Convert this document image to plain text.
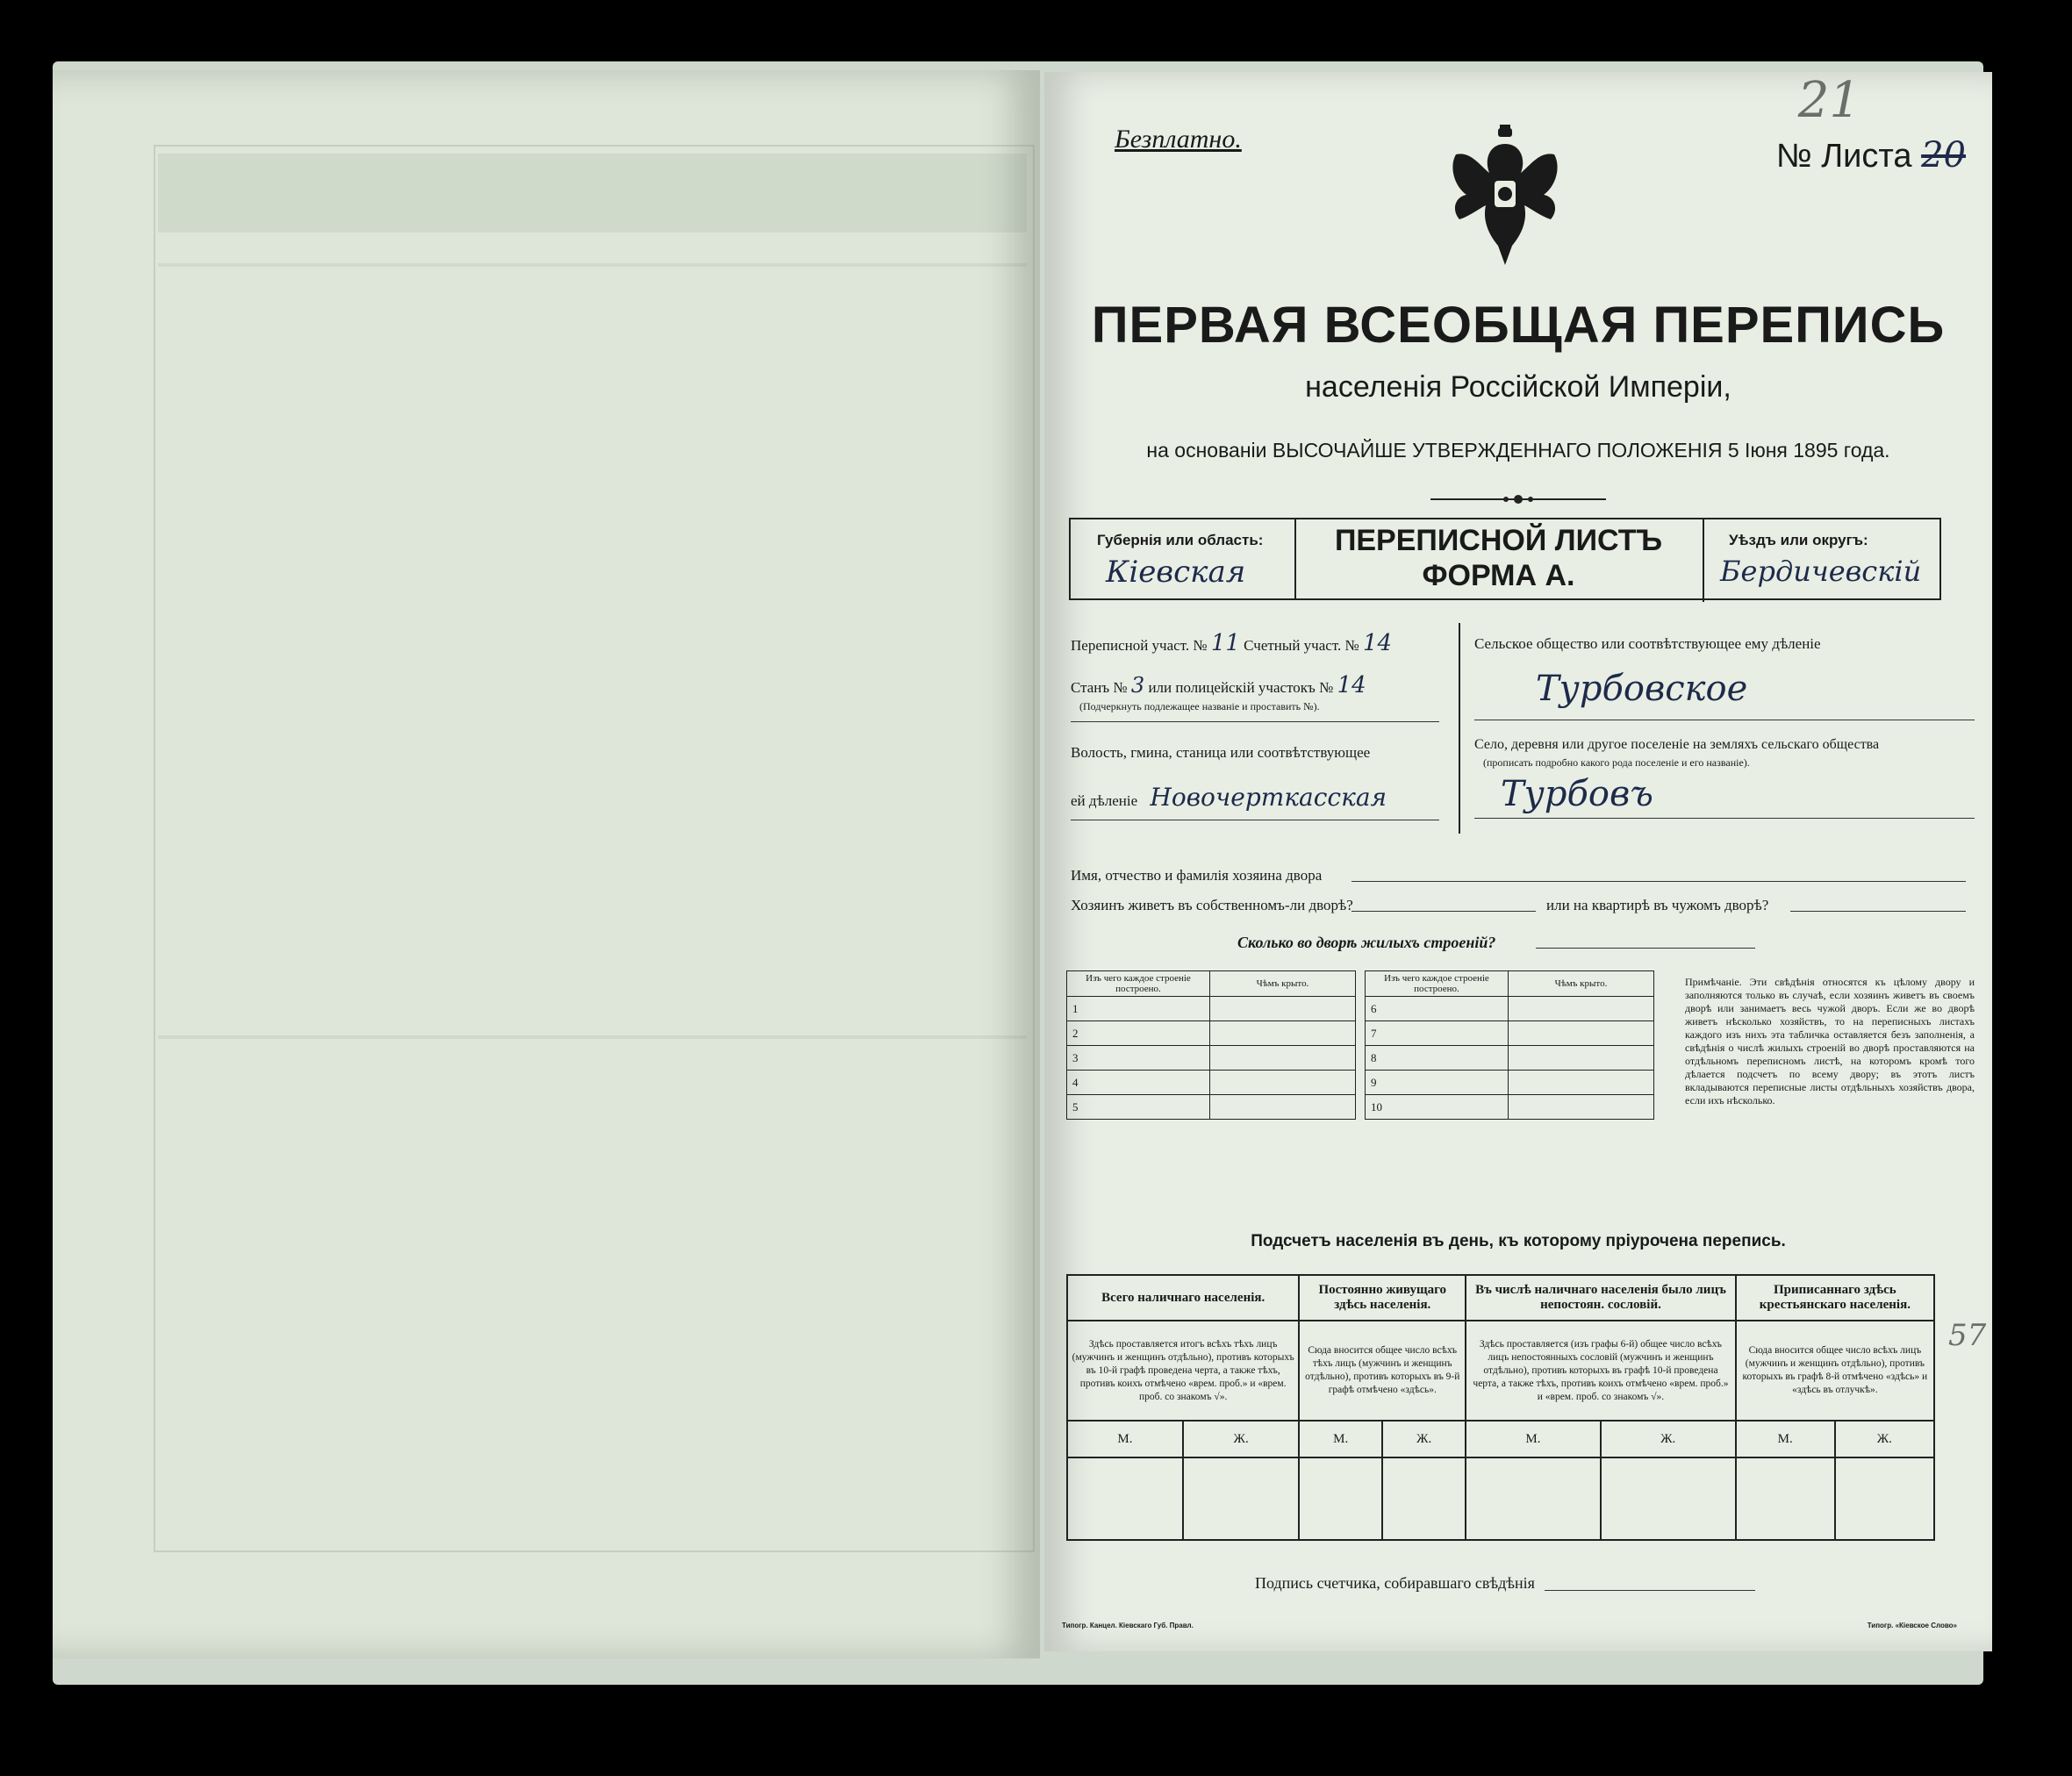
Безплатно.
21
№ Листа 20
ПЕРВАЯ ВСЕОБЩАЯ ПЕРЕПИСЬ
населенія Россійской Имперіи,
на основаніи ВЫСОЧАЙШЕ УТВЕРЖДЕННАГО ПОЛОЖЕНІЯ 5 Іюня 1895 года.
Губернія или область:
Кіевская
ПЕРЕПИСНОЙ ЛИСТЪ
ФОРМА А.
Уѣздъ или округъ:
Бердичевскій
Переписной участ. № 11 Счетный участ. № 14
Станъ № 3 или полицейскій участокъ № 14
(Подчеркнуть подлежащее названіе и проставить №).
Волость, гмина, станица или соотвѣтствующее
ей дѣленіе Новочерткасская
Сельское общество или соотвѣтствующее ему дѣленіе
Турбовское
Село, деревня или другое поселеніе на земляхъ сельскаго общества
(прописать подробно какого рода поселеніе и его названіе).
Турбовъ
Имя, отчество и фамилія хозяина двора
Хозяинъ живетъ въ собственномъ-ли дворѣ?	или на квартирѣ въ чужомъ дворѣ?
Сколько во дворѣ жилыхъ строеній?
Изъ чего каждое строеніе построено.	Чѣмъ крыто.
1	
2	
3	
4	
5	
Изъ чего каждое строеніе построено.	Чѣмъ крыто.
6	
7	
8	
9	
10	
Примѣчаніе. Эти свѣдѣнія относятся къ цѣлому двору и заполняются только въ случаѣ, если хозяинъ живетъ въ своемъ дворѣ или занимаетъ весь чужой дворъ. Если же во дворѣ живетъ нѣсколько хозяйствъ, то на переписныхъ листахъ каждого изъ нихъ эта табличка оставляется безъ заполненія, а свѣдѣнія о числѣ жилыхъ строеній во дворѣ проставляются на отдѣльномъ переписномъ листѣ, на которомъ кромѣ того дѣлается подсчетъ по всему двору; въ этотъ листъ вкладываются переписные листы отдѣльныхъ хозяйствъ двора, если ихъ нѣсколько.
Подсчетъ населенія въ день, къ которому пріурочена перепись.
Всего наличнаго населенія.		Постоянно живущаго здѣсь населенія.		Въ числѣ наличнаго населенія было лицъ непостоян. сословій.		Приписаннаго здѣсь крестьянскаго населенія.	
Здѣсь проставляется итогъ всѣхъ тѣхъ лицъ (мужчинъ и женщинъ отдѣльно), противъ которыхъ въ 10-й графѣ проведена черта, а также тѣхъ, противъ коихъ отмѣчено «врем. проб.» и «врем. проб. со знакомъ √».		Сюда вносится общее число всѣхъ тѣхъ лицъ (мужчинъ и женщинъ отдѣльно), противъ которыхъ въ 9-й графѣ отмѣчено «здѣсь».		Здѣсь проставляется (изъ графы 6-й) общее число всѣхъ лицъ непостоянныхъ сословій (мужчинъ и женщинъ отдѣльно), противъ которыхъ въ графѣ 10-й проведена черта, а также тѣхъ, противъ коихъ отмѣчено «врем. проб.» и «врем. проб. со знакомъ √».		Сюда вносится общее число всѣхъ лицъ (мужчинъ и женщинъ отдѣльно), противъ которыхъ въ графѣ 8-й отмѣчено «здѣсь» и «здѣсь въ отлучкѣ».	
М.	Ж.	М.	Ж.	М.	Ж.	М.	Ж.

57
Подпись счетчика, собиравшаго свѣдѣнія
Типогр. Канцел. Кіевскаго Губ. Правл.	Типогр. «Кіевское Слово»
